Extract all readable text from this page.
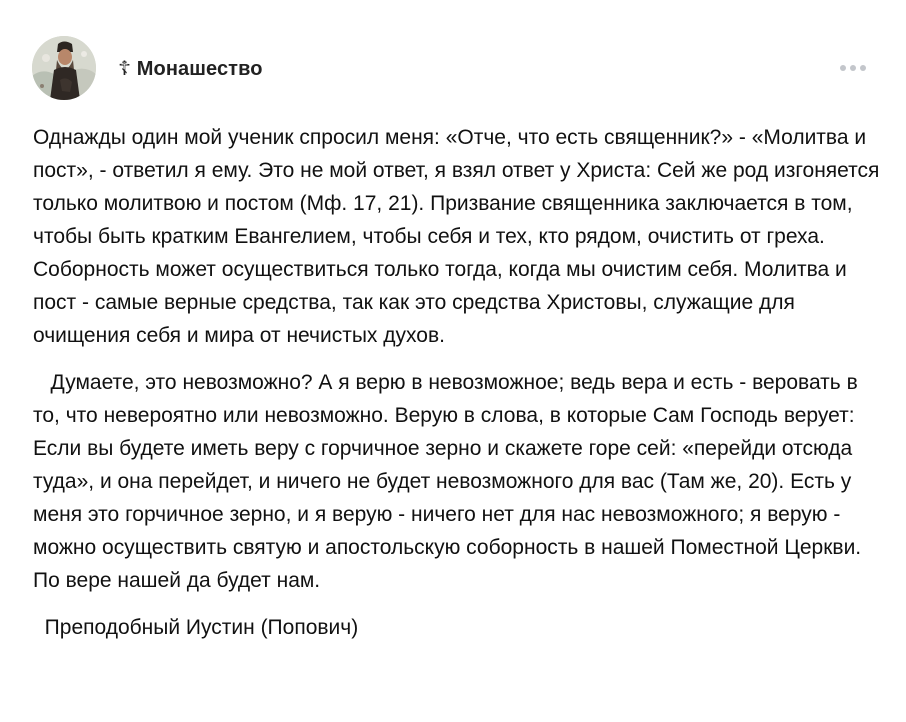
☦ Монашество

Однажды один мой ученик спросил меня: «Отче, что есть священник?» - «Молитва и пост», - ответил я ему. Это не мой ответ, я взял ответ у Христа: Сей же род изгоняется только молитвою и постом (Мф. 17, 21). Призвание священника заключается в том, чтобы быть кратким Евангелием, чтобы себя и тех, кто рядом, очистить от греха. Соборность может осуществиться только тогда, когда мы очистим себя. Молитва и пост - самые верные средства, так как это средства Христовы, служащие для очищения себя и мира от нечистых духов.

Думаете, это невозможно? А я верю в невозможное; ведь вера и есть - веровать в то, что невероятно или невозможно. Верую в слова, в которые Сам Господь верует: Если вы будете иметь веру с горчичное зерно и скажете горе сей: «перейди отсюда туда», и она перейдет, и ничего не будет невозможного для вас (Там же, 20). Есть у меня это горчичное зерно, и я верую - ничего нет для нас невозможного; я верую - можно осуществить святую и апостольскую соборность в нашей Поместной Церкви. По вере нашей да будет нам.

Преподобный Иустин (Попович)
